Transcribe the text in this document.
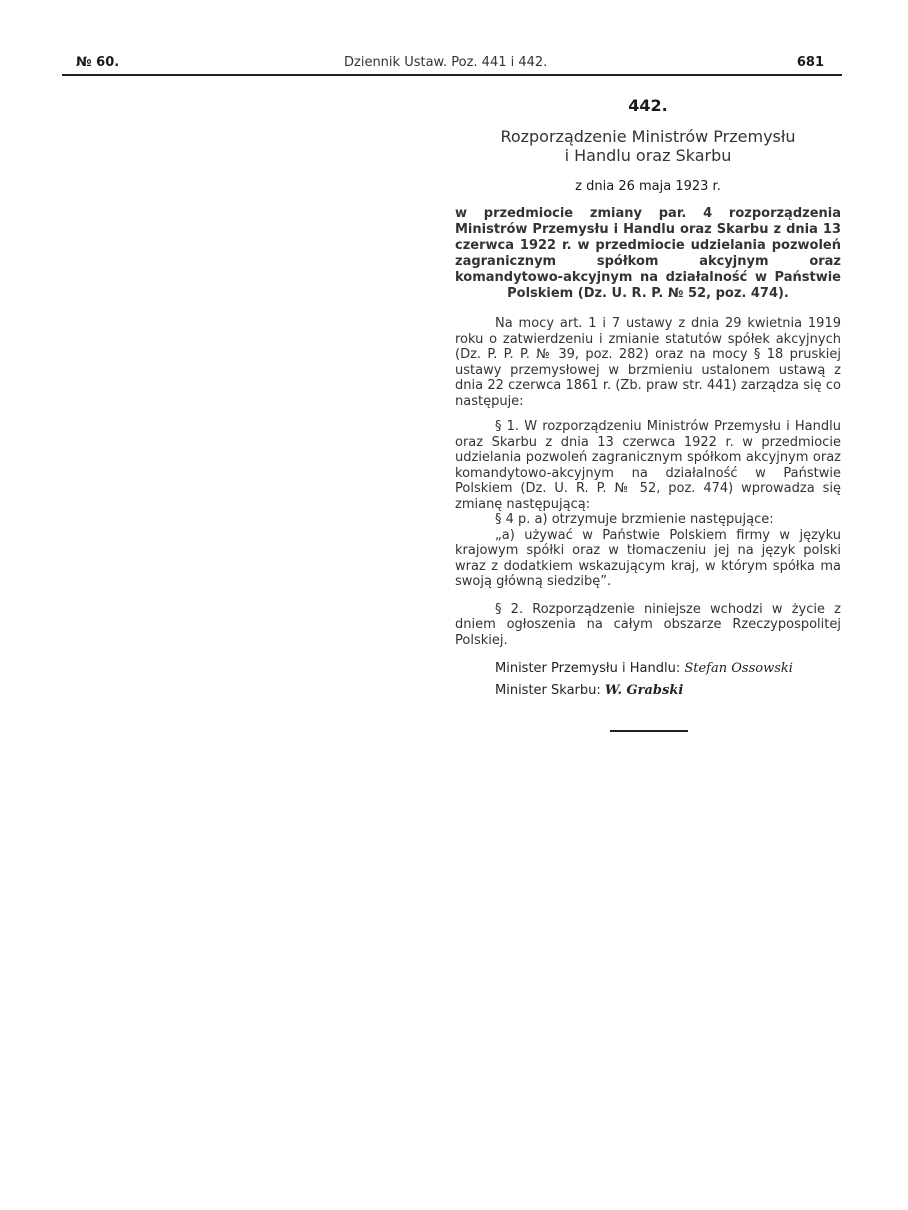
№ 60.	Dziennik Ustaw. Poz. 441 i 442.	681
442.
Rozporządzenie Ministrów Przemysłu
i Handlu oraz Skarbu
z dnia 26 maja 1923 r.
w przedmiocie zmiany par. 4 rozporządzenia Ministrów Przemysłu i Handlu oraz Skarbu z dnia 13 czerwca 1922 r. w przedmiocie udzielania pozwoleń zagranicznym spółkom akcyjnym oraz komandytowo-akcyjnym na działalność w Państwie Polskiem (Dz. U. R. P. № 52, poz. 474).
Na mocy art. 1 i 7 ustawy z dnia 29 kwietnia 1919 roku o zatwierdzeniu i zmianie statutów spółek akcyjnych (Dz. P. P. P. № 39, poz. 282) oraz na mocy § 18 pruskiej ustawy przemysłowej w brzmieniu ustalonem ustawą z dnia 22 czerwca 1861 r. (Zb. praw str. 441) zarządza się co następuje:
§ 1. W rozporządzeniu Ministrów Przemysłu i Handlu oraz Skarbu z dnia 13 czerwca 1922 r. w przedmiocie udzielania pozwoleń zagranicznym spółkom akcyjnym oraz komandytowo-akcyjnym na działalność w Państwie Polskiem (Dz. U. R. P. № 52, poz. 474) wprowadza się zmianę następującą:
§ 4 p. a) otrzymuje brzmienie następujące:
„a) używać w Państwie Polskiem firmy w języku krajowym spółki oraz w tłomaczeniu jej na język polski wraz z dodatkiem wskazującym kraj, w którym spółka ma swoją główną siedzibę”.
§ 2. Rozporządzenie niniejsze wchodzi w życie z dniem ogłoszenia na całym obszarze Rzeczypospolitej Polskiej.
Minister Przemysłu i Handlu: Stefan Ossowski
Minister Skarbu: W. Grabski
